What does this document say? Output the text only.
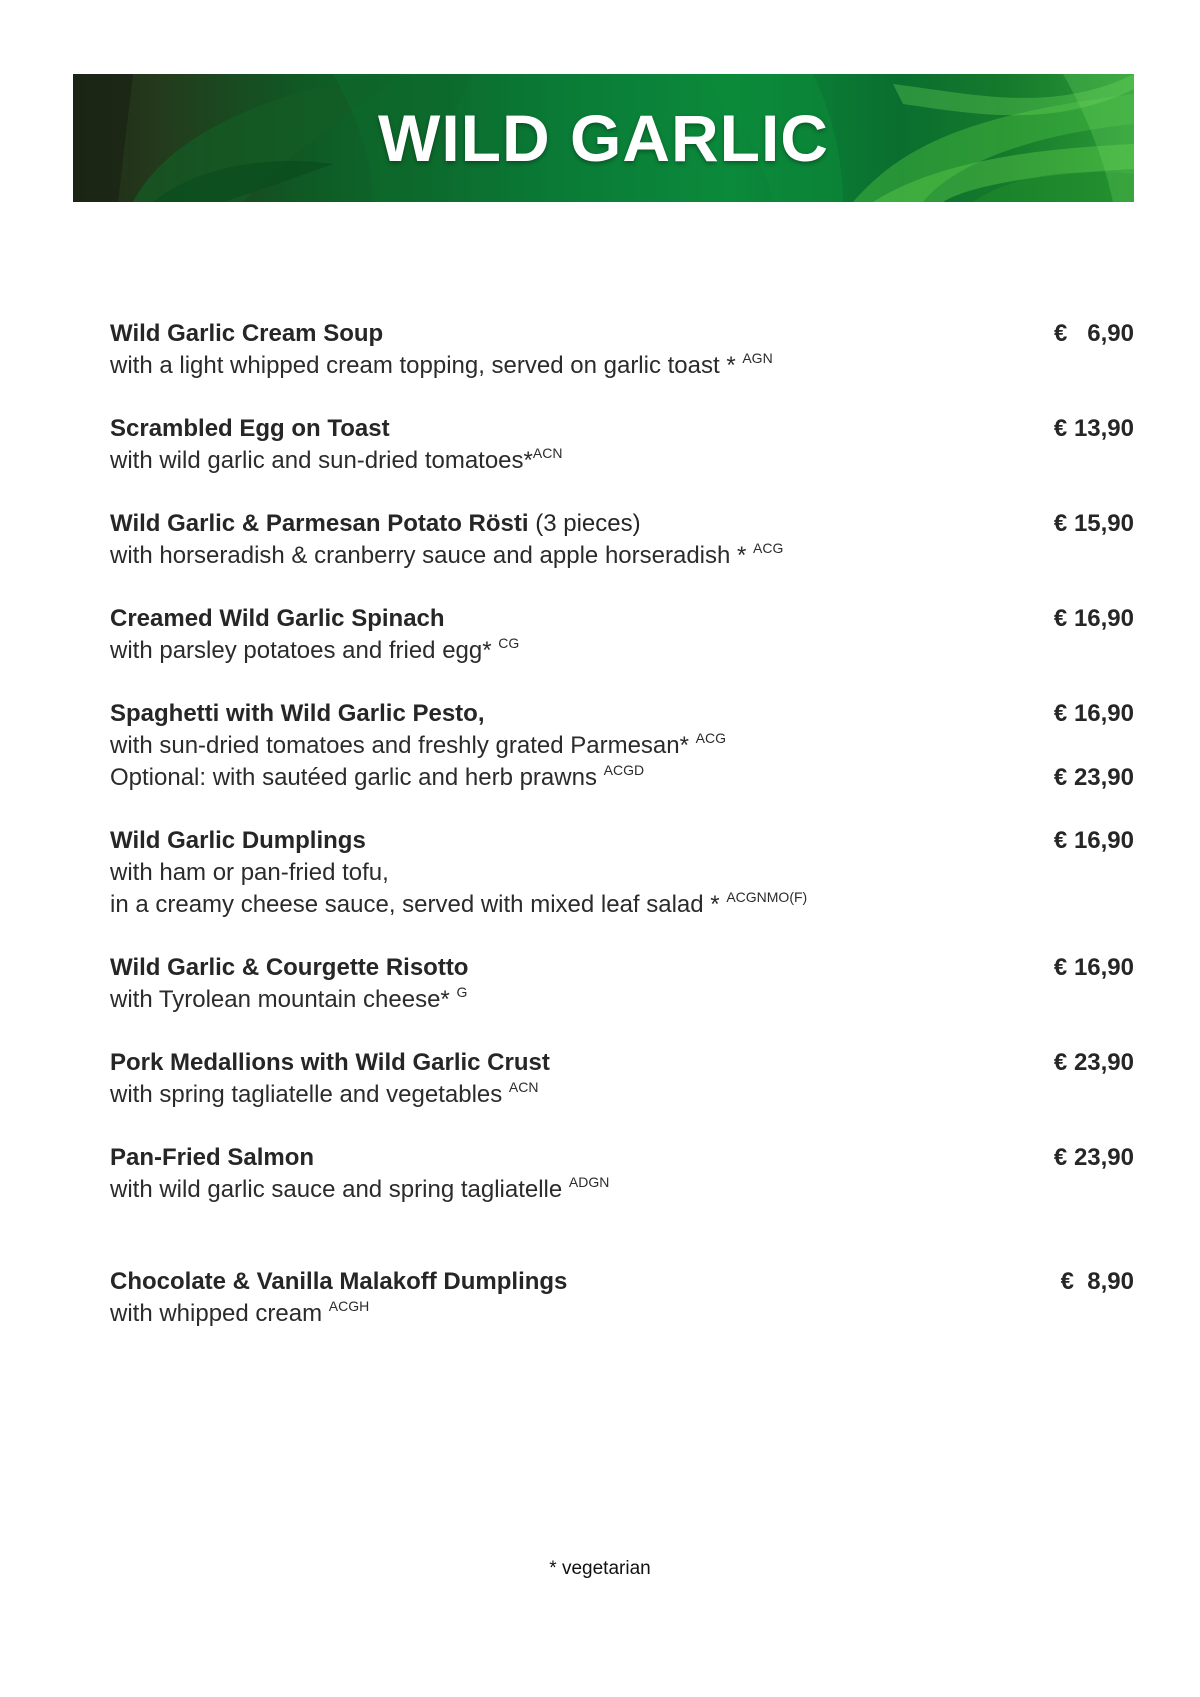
WILD GARLIC
Wild Garlic Cream Soup	€   6,90
with a light whipped cream topping, served on garlic toast * $^{AGN}$
Scrambled Egg on Toast	€ 13,90
with wild garlic and sun-dried tomatoes*$^{ACN}$
Wild Garlic & Parmesan Potato Rösti (3 pieces)	€ 15,90
with horseradish & cranberry sauce and apple horseradish * $^{ACG}$
Creamed Wild Garlic Spinach	€ 16,90
with parsley potatoes and fried egg* $^{CG}$
Spaghetti with Wild Garlic Pesto,	€ 16,90
with sun-dried tomatoes and freshly grated Parmesan* $^{ACG}$
Optional: with sautéed garlic and herb prawns $^{ACGD}$	€ 23,90
Wild Garlic Dumplings	€ 16,90
with ham or pan-fried tofu,
in a creamy cheese sauce, served with mixed leaf salad * $^{ACGNMO(F)}$
Wild Garlic & Courgette Risotto	€ 16,90
with Tyrolean mountain cheese* $^G$
Pork Medallions with Wild Garlic Crust	€ 23,90
with spring tagliatelle and vegetables $^{ACN}$
Pan-Fried Salmon	€ 23,90
with wild garlic sauce and spring tagliatelle $^{ADGN}$
Chocolate & Vanilla Malakoff Dumplings	€  8,90
with whipped cream $^{ACGH}$
* vegetarian
